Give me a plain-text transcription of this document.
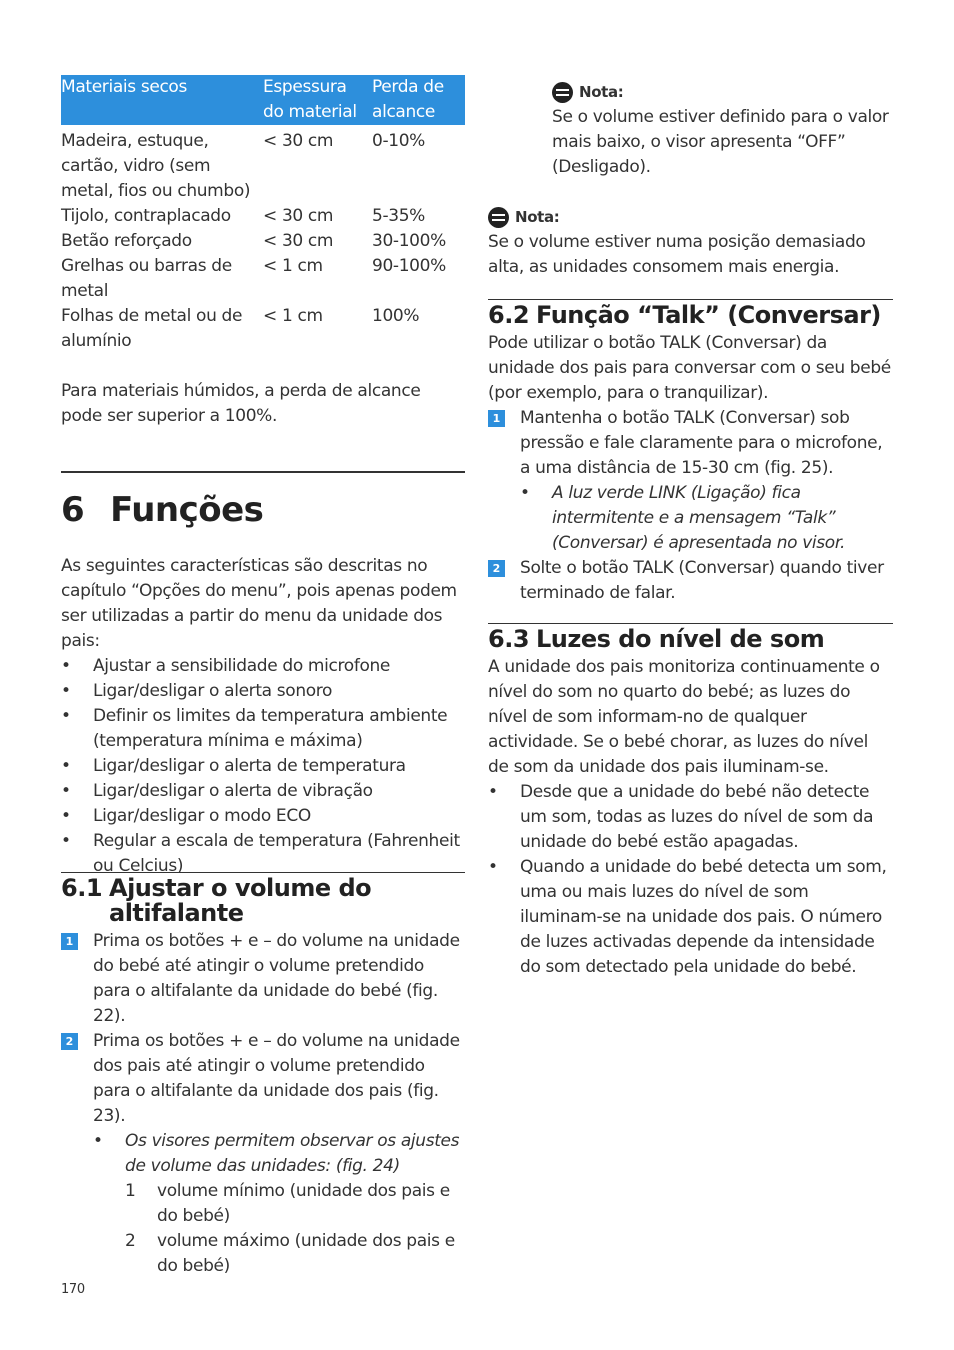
Materiais secos	Espessura do material	Perda de alcance
Madeira, estuque, cartão, vidro (sem metal, fios ou chumbo)	< 30 cm	0-10%
Tijolo, contraplacado	< 30 cm	5-35%
Betão reforçado	< 30 cm	30-100%
Grelhas ou barras de metal	< 1 cm	90-100%
Folhas de metal ou de alumínio	< 1 cm	100%

Para materiais húmidos, a perda de alcance pode ser superior a 100%.

6 Funções

As seguintes características são descritas no capítulo “Opções do menu”, pois apenas podem ser utilizadas a partir do menu da unidade dos pais:

• Ajustar a sensibilidade do microfone
• Ligar/desligar o alerta sonoro
• Definir os limites da temperatura ambiente (temperatura mínima e máxima)
• Ligar/desligar o alerta de temperatura
• Ligar/desligar o alerta de vibração
• Ligar/desligar o modo ECO
• Regular a escala de temperatura (Fahrenheit ou Celcius)
6.1 Ajustar o volume do
altifalante
1 Prima os botões + e – do volume na unidade do bebé até atingir o volume pretendido para o altifalante da unidade do bebé (fig. 22).
2 Prima os botões + e – do volume na unidade dos pais até atingir o volume pretendido para o altifalante da unidade dos pais (fig. 23).
• Os visores permitem observar os ajustes de volume das unidades: (fig. 24)
1 volume mínimo (unidade dos pais e do bebé)
2 volume máximo (unidade dos pais e do bebé)
Nota:

Se o volume estiver definido para o valor mais baixo, o visor apresenta “OFF” (Desligado).

Nota:

Se o volume estiver numa posição demasiado alta, as unidades consomem mais energia.

6.2 Função “Talk” (Conversar)

Pode utilizar o botão TALK (Conversar) da unidade dos pais para conversar com o seu bebé (por exemplo, para o tranquilizar).

1 Mantenha o botão TALK (Conversar) sob pressão e fale claramente para o microfone, a uma distância de 15-30 cm (fig. 25).
• A luz verde LINK (Ligação) fica intermitente e a mensagem “Talk” (Conversar) é apresentada no visor.
2 Solte o botão TALK (Conversar) quando tiver terminado de falar.
6.3 Luzes do nível de som

A unidade dos pais monitoriza continuamente o nível do som no quarto do bebé; as luzes do nível de som informam-no de qualquer actividade. Se o bebé chorar, as luzes do nível de som da unidade dos pais iluminam-se.

• Desde que a unidade do bebé não detecte um som, todas as luzes do nível de som da unidade do bebé estão apagadas.
• Quando a unidade do bebé detecta um som, uma ou mais luzes do nível de som iluminam-se na unidade dos pais. O número de luzes activadas depende da intensidade do som detectado pela unidade do bebé.
170
